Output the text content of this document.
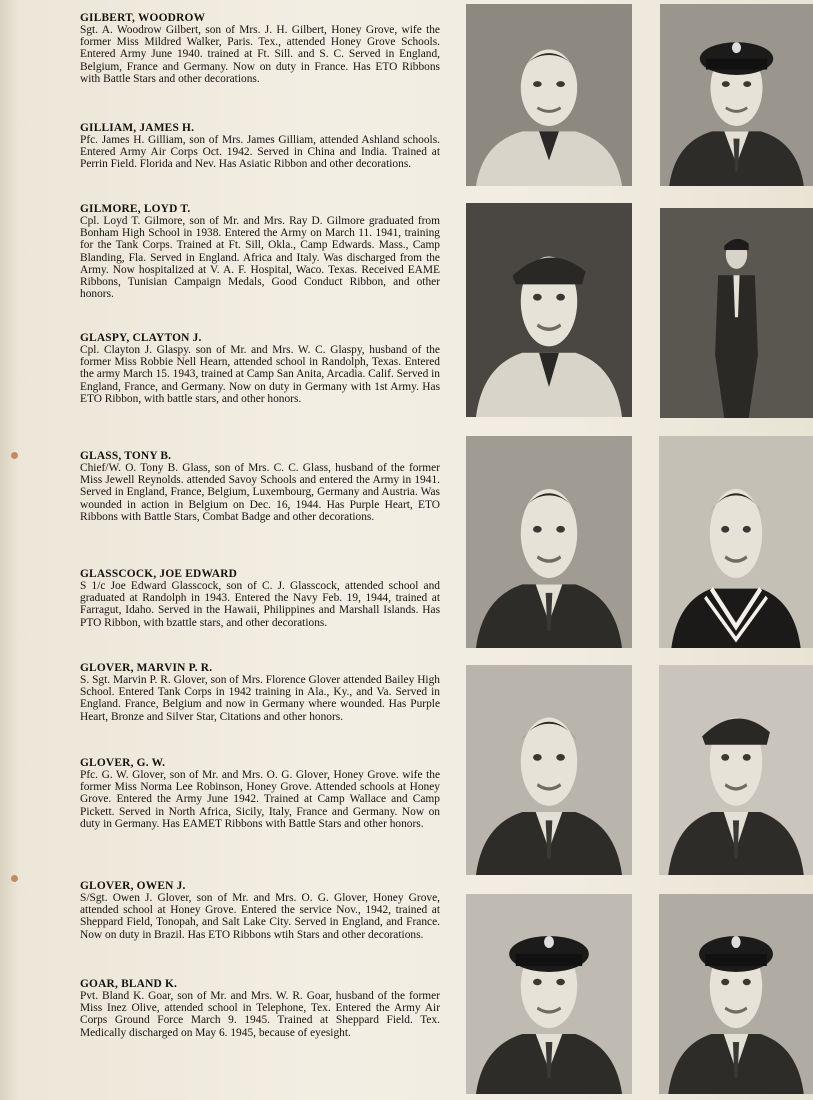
GILBERT, WOODROW
Sgt. A. Woodrow Gilbert, son of Mrs. J. H. Gilbert, Honey Grove, wife the former Miss Mildred Walker, Paris. Tex., attended Honey Grove Schools. Entered Army June 1940. trained at Ft. Sill. and S. C. Served in England, Belgium, France and Germany. Now on duty in France. Has ETO Ribbons with Battle Stars and other decorations.
GILLIAM, JAMES H.
Pfc. James H. Gilliam, son of Mrs. James Gilliam, attended Ashland schools. Entered Army Air Corps Oct. 1942. Served in China and India. Trained at Perrin Field. Florida and Nev. Has Asiatic Ribbon and other decorations.
GILMORE, LOYD T.
Cpl. Loyd T. Gilmore, son of Mr. and Mrs. Ray D. Gilmore graduated from Bonham High School in 1938. Entered the Army on March 11. 1941, training for the Tank Corps. Trained at Ft. Sill, Okla., Camp Edwards. Mass., Camp Blanding, Fla. Served in England. Africa and Italy. Was discharged from the Army. Now hospitalized at V. A. F. Hospital, Waco. Texas. Received EAME Ribbons, Tunisian Campaign Medals, Good Conduct Ribbon, and other honors.
GLASPY, CLAYTON J.
Cpl. Clayton J. Glaspy. son of Mr. and Mrs. W. C. Glaspy, husband of the former Miss Robbie Nell Hearn, attended school in Randolph, Texas. Entered the army March 15. 1943, trained at Camp San Anita, Arcadia. Calif. Served in England, France, and Germany. Now on duty in Germany with 1st Army. Has ETO Ribbon, with battle stars, and other honors.
GLASS, TONY B.
Chief/W. O. Tony B. Glass, son of Mrs. C. C. Glass, husband of the former Miss Jewell Reynolds. attended Savoy Schools and entered the Army in 1941. Served in England, France, Belgium, Luxembourg, Germany and Austria. Was wounded in action in Belgium on Dec. 16, 1944. Has Purple Heart, ETO Ribbons with Battle Stars, Combat Badge and other decorations.
GLASSCOCK, JOE EDWARD
S 1/c Joe Edward Glasscock, son of C. J. Glasscock, attended school and graduated at Randolph in 1943. Entered the Navy Feb. 19, 1944, trained at Farragut, Idaho. Served in the Hawaii, Philippines and Marshall Islands. Has PTO Ribbon, with bzattle stars, and other decorations.
GLOVER, MARVIN P. R.
S. Sgt. Marvin P. R. Glover, son of Mrs. Florence Glover attended Bailey High School. Entered Tank Corps in 1942 training in Ala., Ky., and Va. Served in England. France, Belgium and now in Germany where wounded. Has Purple Heart, Bronze and Silver Star, Citations and other honors.
GLOVER, G. W.
Pfc. G. W. Glover, son of Mr. and Mrs. O. G. Glover, Honey Grove. wife the former Miss Norma Lee Robinson, Honey Grove. Attended schools at Honey Grove. Entered the Army June 1942. Trained at Camp Wallace and Camp Pickett. Served in North Africa, Sicily, Italy, France and Germany. Now on duty in Germany. Has EAMET Ribbons with Battle Stars and other honors.
GLOVER, OWEN J.
S/Sgt. Owen J. Glover, son of Mr. and Mrs. O. G. Glover, Honey Grove, attended school at Honey Grove. Entered the service Nov., 1942, trained at Sheppard Field, Tonopah, and Salt Lake City. Served in England, and France. Now on duty in Brazil. Has ETO Ribbons wtih Stars and other decorations.
GOAR, BLAND K.
Pvt. Bland K. Goar, son of Mr. and Mrs. W. R. Goar, husband of the former Miss Inez Olive, attended school in Telephone, Tex. Entered the Army Air Corps Ground Force March 9. 1945. Trained at Sheppard Field. Tex. Medically discharged on May 6. 1945, because of eyesight.
